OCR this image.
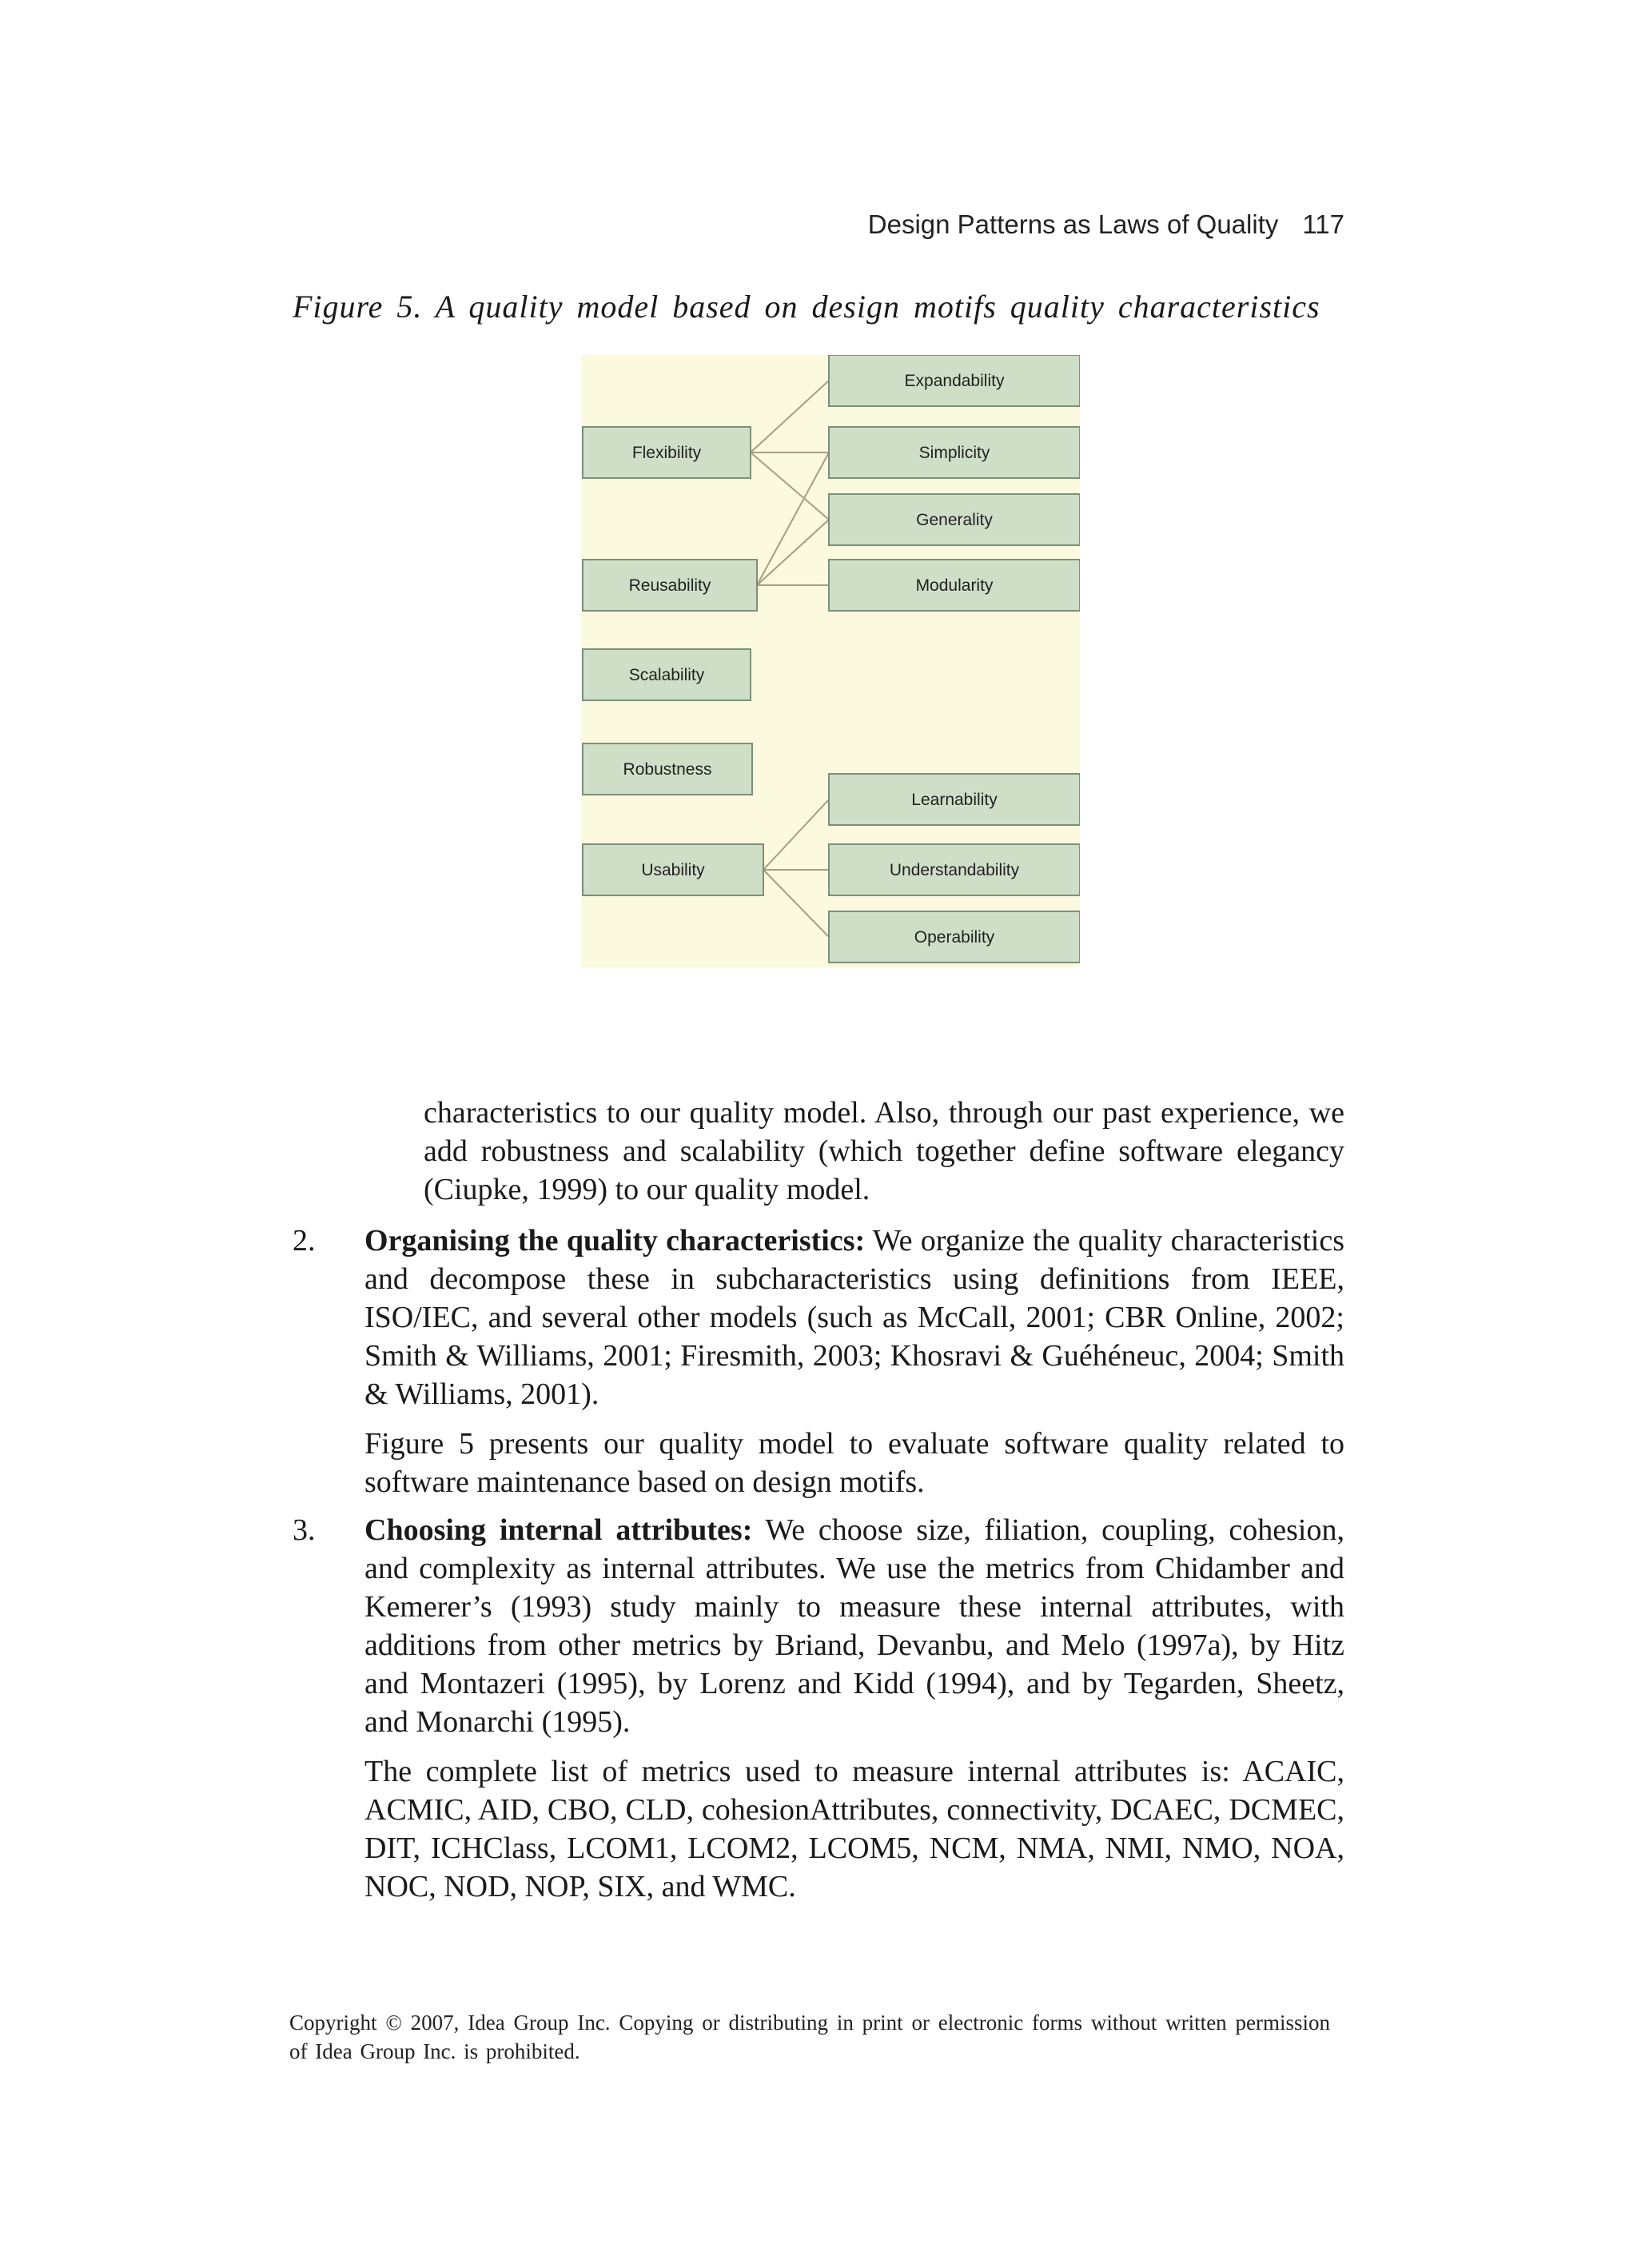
Design Patterns as Laws of Quality 117
Figure 5. A quality model based on design motifs quality characteristics
Flexibility
Reusability
Scalability
Robustness
Usability
Expandability
Simplicity
Generality
Modularity
Learnability
Understandability
Operability

characteristics to our quality model. Also, through our past experience, we add robustness and scalability (which together define software elegancy (Ciupke, 1999) to our quality model.

2. Organising the quality characteristics: We organize the quality characteristics and decompose these in subcharacteristics using definitions from IEEE, ISO/IEC, and several other models (such as McCall, 2001; CBR Online, 2002; Smith & Williams, 2001; Firesmith, 2003; Khosravi & Guéhéneuc, 2004; Smith & Williams, 2001).

Figure 5 presents our quality model to evaluate software quality related to software maintenance based on design motifs.

3. Choosing internal attributes: We choose size, filiation, coupling, cohesion, and complexity as internal attributes. We use the metrics from Chidamber and Kemerer’s (1993) study mainly to measure these internal attributes, with additions from other metrics by Briand, Devanbu, and Melo (1997a), by Hitz and Montazeri (1995), by Lorenz and Kidd (1994), and by Tegarden, Sheetz, and Monarchi (1995).

The complete list of metrics used to measure internal attributes is: ACAIC, ACMIC, AID, CBO, CLD, cohesionAttributes, connectivity, DCAEC, DCMEC, DIT, ICHClass, LCOM1, LCOM2, LCOM5, NCM, NMA, NMI, NMO, NOA, NOC, NOD, NOP, SIX, and WMC.

Copyright © 2007, Idea Group Inc. Copying or distributing in print or electronic forms without written permission of Idea Group Inc. is prohibited.
